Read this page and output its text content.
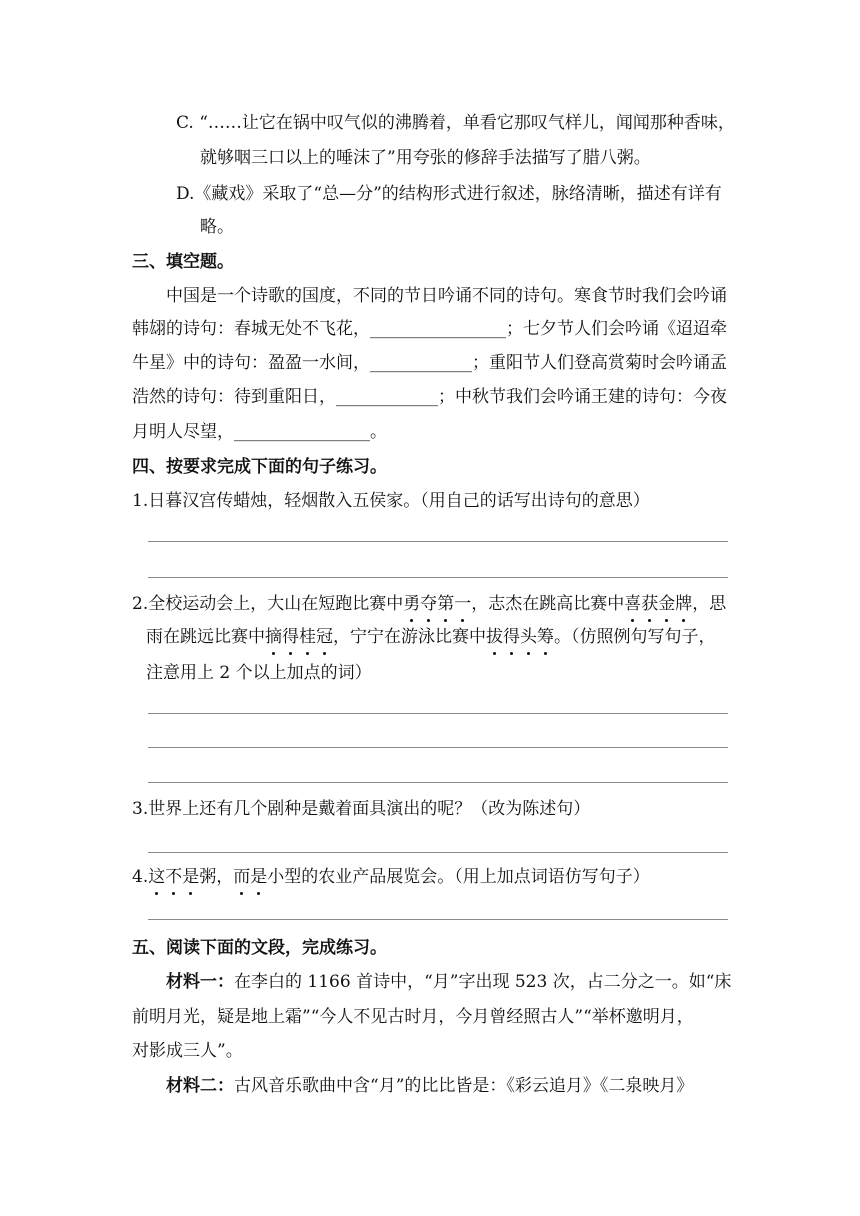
C. “……让它在锅中叹气似的沸腾着，单看它那叹气样儿，闻闻那种香味，
就够咽三口以上的唾沫了”用夸张的修辞手法描写了腊八粥。
D.《藏戏》采取了“总—分”的结构形式进行叙述，脉络清晰，描述有详有
略。
三、填空题。
中国是一个诗歌的国度，不同的节日吟诵不同的诗句。寒食节时我们会吟诵
韩翃的诗句：春城无处不飞花，________________；七夕节人们会吟诵《迢迢牵
牛星》中的诗句：盈盈一水间，____________；重阳节人们登高赏菊时会吟诵孟
浩然的诗句：待到重阳日，____________；中秋节我们会吟诵王建的诗句：今夜
月明人尽望，________________。
四、按要求完成下面的句子练习。
1.日暮汉宫传蜡烛，轻烟散入五侯家。（用自己的话写出诗句的意思）
2.全校运动会上，大山在短跑比赛中勇夺第一，志杰在跳高比赛中喜获金牌，思
雨在跳远比赛中摘得桂冠，宁宁在游泳比赛中拔得头筹。（仿照例句写句子，
注意用上 2 个以上加点的词）
3.世界上还有几个剧种是戴着面具演出的呢？（改为陈述句）
4.这不是粥，而是小型的农业产品展览会。（用上加点词语仿写句子）
五、阅读下面的文段，完成练习。
材料一：在李白的 1166 首诗中，“月”字出现 523 次，占二分之一。如“床
前明月光，疑是地上霜”“今人不见古时月，今月曾经照古人”“举杯邀明月，
对影成三人”。
材料二：古风音乐歌曲中含“月”的比比皆是：《彩云追月》《二泉映月》
